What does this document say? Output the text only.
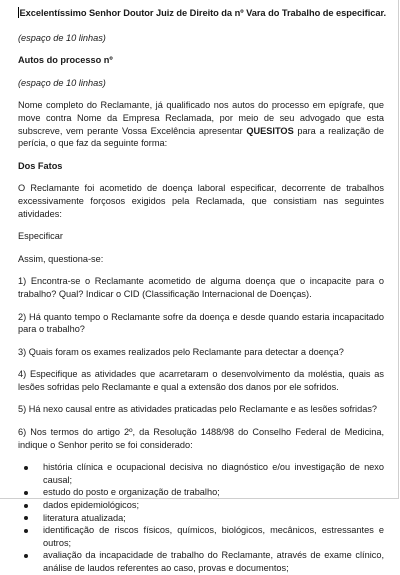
Excelentíssimo Senhor Doutor Juiz de Direito da nº Vara do Trabalho de especificar.
(espaço de 10 linhas)
Autos do processo nº
(espaço de 10 linhas)
Nome completo do Reclamante, já qualificado nos autos do processo em epígrafe, que move contra Nome da Empresa Reclamada, por meio de seu advogado que esta subscreve, vem perante Vossa Excelência apresentar QUESITOS para a realização de perícia, o que faz da seguinte forma:
Dos Fatos
O Reclamante foi acometido de doença laboral especificar, decorrente de trabalhos excessivamente forçosos exigidos pela Reclamada, que consistiam nas seguintes atividades:
Especificar
Assim, questiona-se:
1) Encontra-se o Reclamante acometido de alguma doença que o incapacite para o trabalho? Qual? Indicar o CID (Classificação Internacional de Doenças).
2) Há quanto tempo o Reclamante sofre da doença e desde quando estaria incapacitado para o trabalho?
3) Quais foram os exames realizados pelo Reclamante para detectar a doença?
4) Especifique as atividades que acarretaram o desenvolvimento da moléstia, quais as lesões sofridas pelo Reclamante e qual a extensão dos danos por ele sofridos.
5) Há nexo causal entre as atividades praticadas pelo Reclamante e as lesões sofridas?
6) Nos termos do artigo 2º, da Resolução 1488/98 do Conselho Federal de Medicina, indique o Senhor perito se foi considerado:
história clínica e ocupacional decisiva no diagnóstico e/ou investigação de nexo causal;
estudo do posto e organização de trabalho;
dados epidemiológicos;
literatura atualizada;
identificação de riscos físicos, químicos, biológicos, mecânicos, estressantes e outros;
avaliação da incapacidade de trabalho do Reclamante, através de exame clínico, análise de laudos referentes ao caso, provas e documentos;
